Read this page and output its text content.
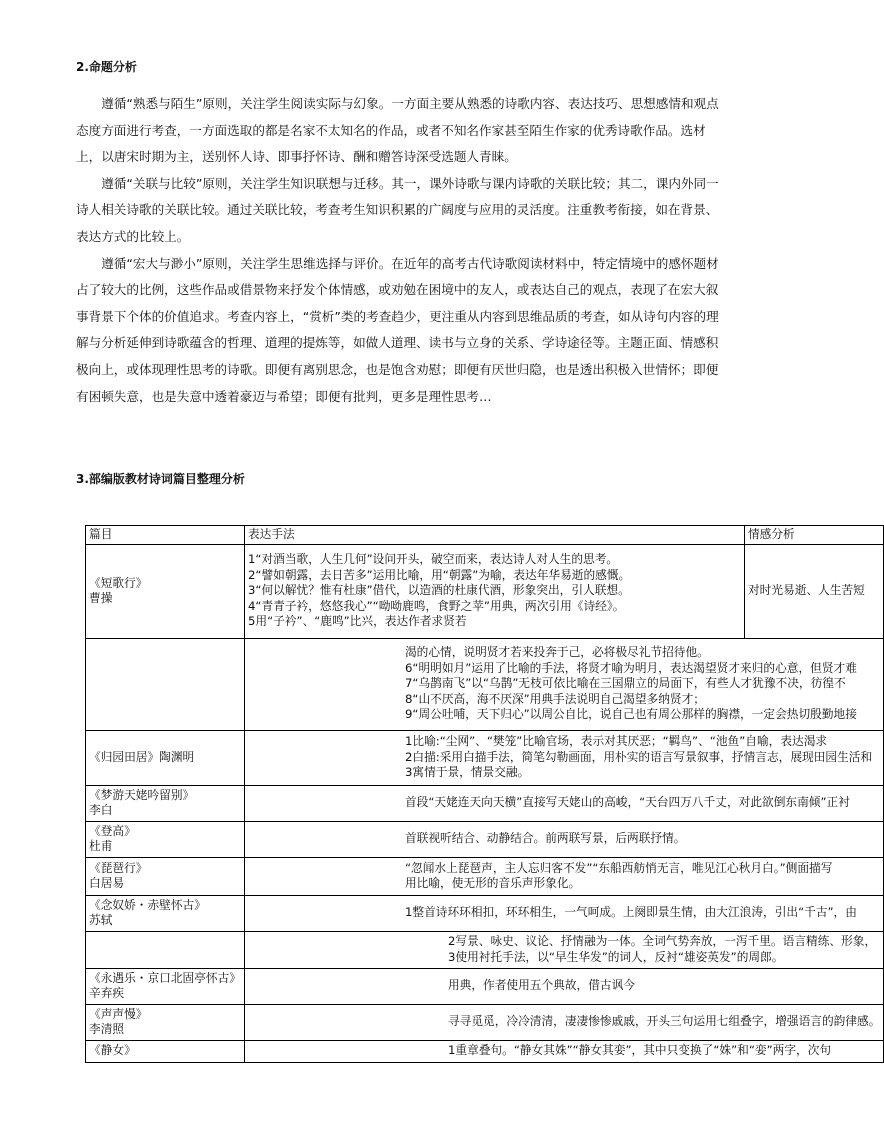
2.命题分析

遵循“熟悉与陌生”原则，关注学生阅读实际与幻象。一方面主要从熟悉的诗歌内容、表达技巧、思想感情和观点态度方面进行考查，一方面选取的都是名家不太知名的作品，或者不知名作家甚至陌生作家的优秀诗歌作品。选材上，以唐宋时期为主，送别怀人诗、即事抒怀诗、酬和赠答诗深受选题人青睐。

遵循“关联与比较”原则，关注学生知识联想与迁移。其一，课外诗歌与课内诗歌的关联比较；其二，课内外同一诗人相关诗歌的关联比较。通过关联比较，考查考生知识积累的广阔度与应用的灵活度。注重教考衔接，如在背景、表达方式的比较上。

遵循“宏大与渺小”原则，关注学生思维选择与评价。在近年的高考古代诗歌阅读材料中，特定情境中的感怀题材占了较大的比例，这些作品或借景物来抒发个体情感，或劝勉在困境中的友人，或表达自己的观点，表现了在宏大叙事背景下个体的价值追求。考查内容上，“赏析”类的考查趋少，更注重从内容到思维品质的考查，如从诗句内容的理解与分析延伸到诗歌蕴含的哲理、道理的提炼等，如做人道理、读书与立身的关系、学诗途径等。主题正面、情感积极向上，或体现理性思考的诗歌。即便有离别思念，也是饱含劝慰；即便有厌世归隐，也是透出积极入世情怀；即便有困顿失意，也是失意中透着豪迈与希望；即便有批判，更多是理性思考…

3.部编版教材诗词篇目整理分析
篇目	表达手法	情感分析

《短歌行》
曹操	1“对酒当歌，人生几何”设问开头，破空而来，表达诗人对人生的思考。
2“譬如朝露，去日苦多”运用比喻，用“朝露”为喻，表达年华易逝的感慨。
3“何以解忧？惟有杜康”借代，以造酒的杜康代酒，形象突出，引人联想。
4“青青子衿，悠悠我心”“呦呦鹿鸣，食野之苹”用典，两次引用《诗经》。
5用“子衿”、“鹿鸣”比兴，表达作者求贤若	对时光易逝、人生苦短

	渴的心情，说明贤才若来投奔于己，必将极尽礼节招待他。
6“明明如月”运用了比喻的手法，将贤才喻为明月，表达渴望贤才来归的心意，但贤才难
7“乌鹊南飞”以“乌鹊”无枝可依比喻在三国鼎立的局面下，有些人才犹豫不决，彷徨不
8“山不厌高，海不厌深”用典手法说明自己渴望多纳贤才；
9“周公吐哺，天下归心”以周公自比，说自己也有周公那样的胸襟，一定会热切殷勤地接	

《归园田居》陶渊明	1比喻:“尘网”、“樊笼”比喻官场，表示对其厌恶；“羁鸟”、“池鱼”自喻，表达渴求
2白描:采用白描手法，简笔勾勒画面，用朴实的语言写景叙事，抒情言志，展现田园生活和
3寓情于景，情景交融。	

《梦游天姥吟留别》
李白	首段“天姥连天向天横”直接写天姥山的高峻，“天台四万八千丈，对此欲倒东南倾”正衬	

《登高》
杜甫	首联视听结合、动静结合。前两联写景，后两联抒情。	

《琵琶行》
白居易	“忽闻水上琵琶声，主人忘归客不发”“东船西舫悄无言，唯见江心秋月白。”侧面描写
用比喻，使无形的音乐声形象化。	

《念奴娇・赤壁怀古》
苏轼	1整首诗环环相扣，环环相生，一气呵成。上阕即景生情，由大江浪涛，引出“千古”，由	

	2写景、咏史、议论、抒情融为一体。全词气势奔放，一泻千里。语言精练、形象，
3使用衬托手法，以“早生华发”的词人，反衬“雄姿英发”的周郎。	

《永遇乐・京口北固亭怀古》
辛弃疾	用典，作者使用五个典故，借古讽今	

《声声慢》
李清照	寻寻觅觅，冷冷清清，凄凄惨惨戚戚，开头三句运用七组叠字，增强语言的韵律感。	

《静女》	1重章叠句。“静女其姝”“静女其娈”，其中只变换了“姝”和“娈”两字，次句	
